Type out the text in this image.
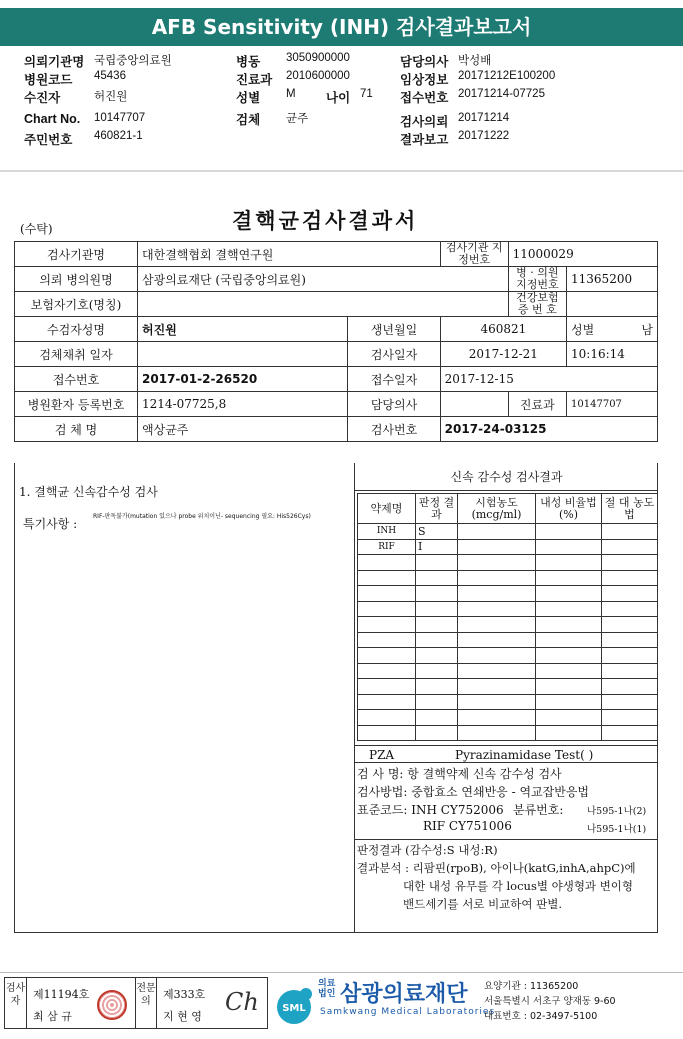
AFB Sensitivity (INH) 검사결과보고서
의뢰기관명 국립중앙의료원	병동 3050900000	담당의사 박성배
병원코드 45436	진료과 2010600000	임상정보 20171212E100200
수진자	허진원	성별 M 나이 71 접수번호 20171214-07725
Chart No. 10147707	검체 균주	검사의뢰 20171214
주민번호 460821-1	결과보고 20171222
(수탁)	결핵균검사결과서
검사기관명	대한결핵협회 결핵연구원		검사기관 지정번호	11000029	
의뢰 병의원명	삼광의료재단 (국립중앙의료원)			병 · 의원 지정번호	11365200
보험자기호(명칭)				건강보험 증 번 호	
수검자성명	허진원	생년월일	460821		성별 남

검체채취 일자		검사일자	2017-12-21		10:16:14
접수번호	2017-01-2-26520	접수일자	2017-12-15		
병원환자 등록번호	1214-07725,8	담당의사		진료과	10147707
검 체 명	액상균주	검사번호	2017-24-03125		
1. 결핵균 신속감수성 검사
특기사항 :
RIF-판독불가(mutation 있으나 probe 위치이닌- sequencing 필요: His526Cys)
신속 감수성 검사결과
약제명	판정 결과	시험농도 (mcg/ml)	내성 비율법(%)	절 대 농도법
INH	S			
RIF	I			

PZA	Pyrazinamidase Test( )
검 사 명: 항 결핵약제 신속 감수성 검사
검사방법: 중합효소 연쇄반응 - 역교잡반응법
표준코드: INH CY752006 분류번호: 나595-1나(2)
RIF CY751006	나595-1나(1)
판정결과 (감수성:S 내성:R)
결과분석 : 리팜핀(rpoB), 아이나(katG,inhA,ahpC)에
대한 내성 유무를 각 locus별 야생형과 변이형
밴드세기를 서로 비교하여 판별.
검사자
제11194호
최 삼 규
전문의
제333호
지 현 영
Ch SML
의료
법인 삼광의료재단
Samkwang Medical Laboratories
요양기관 : 11365200
서울특별시 서초구 양재동 9-60
대표번호 : 02-3497-5100
